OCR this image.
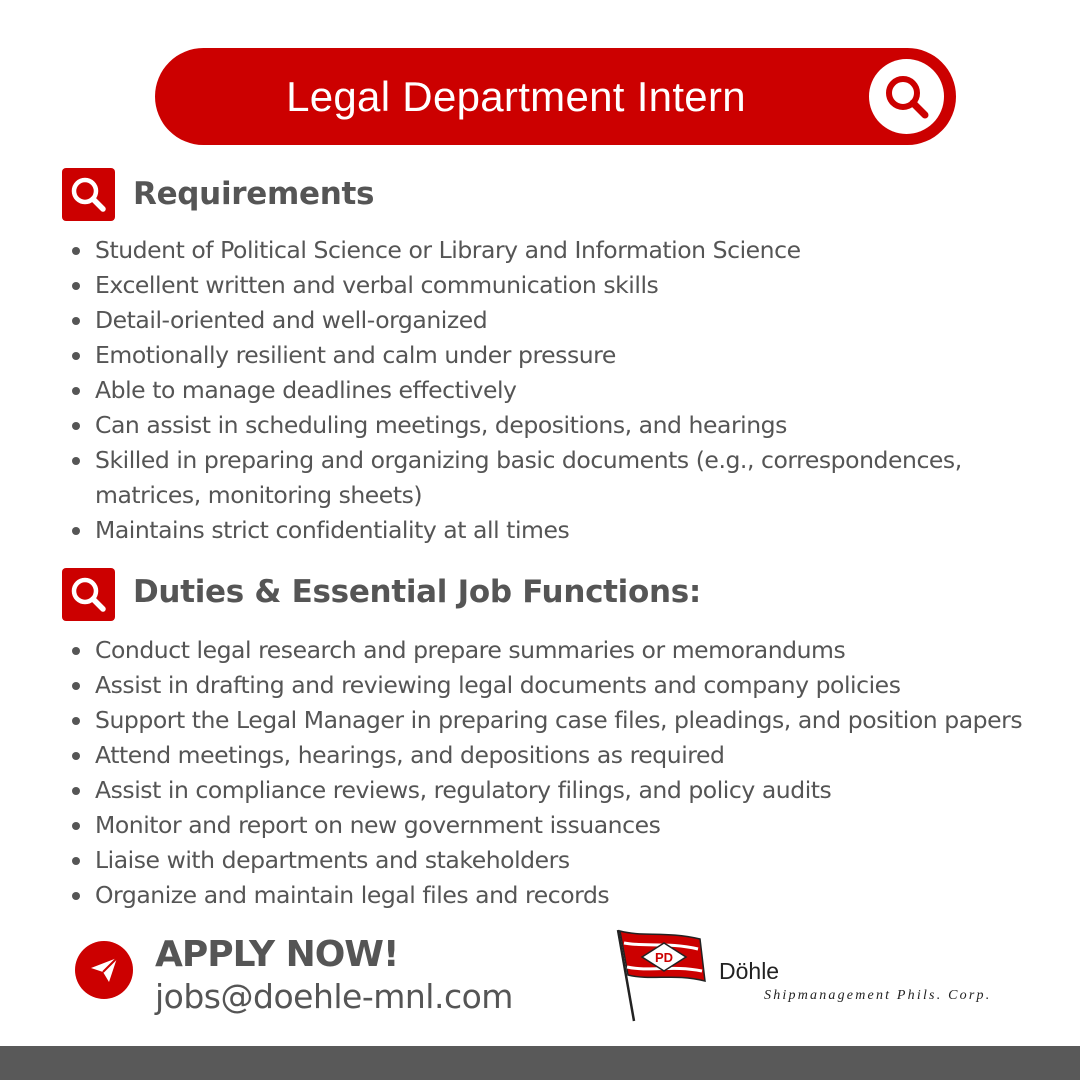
Legal Department Intern
Requirements
Student of Political Science or Library and Information Science
Excellent written and verbal communication skills
Detail-oriented and well-organized
Emotionally resilient and calm under pressure
Able to manage deadlines effectively
Can assist in scheduling meetings, depositions, and hearings
Skilled in preparing and organizing basic documents (e.g., correspondences, matrices, monitoring sheets)
Maintains strict confidentiality at all times
Duties & Essential Job Functions:
Conduct legal research and prepare summaries or memorandums
Assist in drafting and reviewing legal documents and company policies
Support the Legal Manager in preparing case files, pleadings, and position papers
Attend meetings, hearings, and depositions as required
Assist in compliance reviews, regulatory filings, and policy audits
Monitor and report on new government issuances
Liaise with departments and stakeholders
Organize and maintain legal files and records
APPLY NOW!
jobs@doehle-mnl.com
PD
Döhle
Shipmanagement Phils. Corp.
